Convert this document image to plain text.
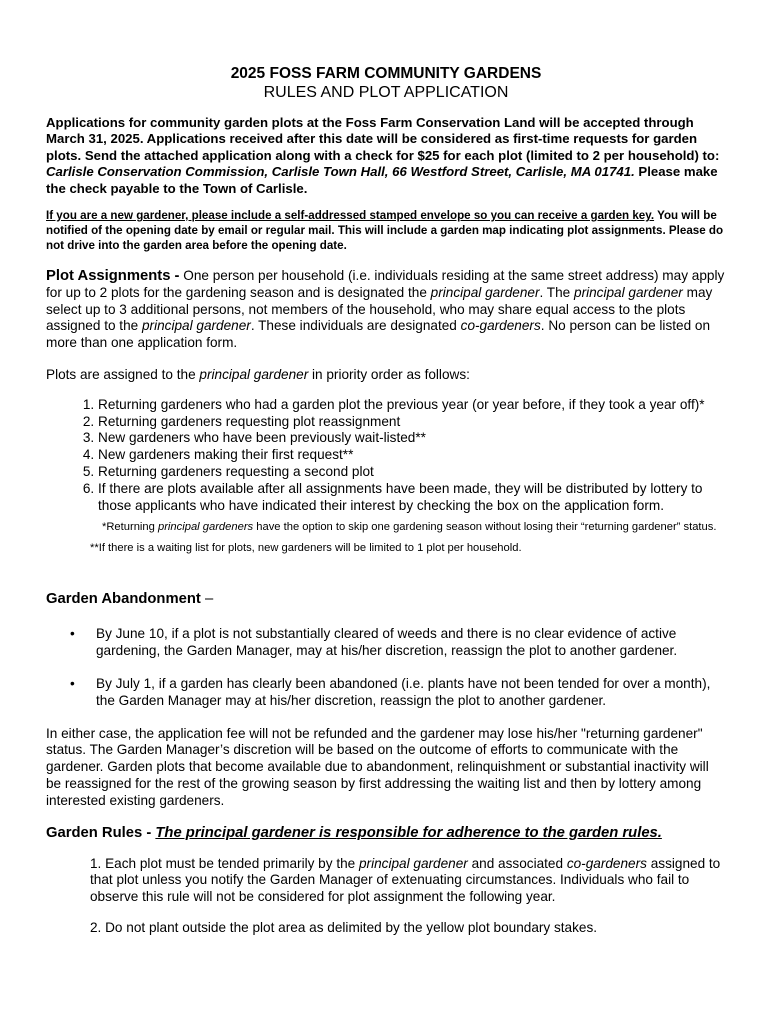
2025 FOSS FARM COMMUNITY GARDENS

RULES AND PLOT APPLICATION

Applications for community garden plots at the Foss Farm Conservation Land will be accepted through March 31, 2025. Applications received after this date will be considered as first-time requests for garden plots. Send the attached application along with a check for $25 for each plot (limited to 2 per household) to: Carlisle Conservation Commission, Carlisle Town Hall, 66 Westford Street, Carlisle, MA 01741. Please make the check payable to the Town of Carlisle.

If you are a new gardener, please include a self-addressed stamped envelope so you can receive a garden key. You will be notified of the opening date by email or regular mail. This will include a garden map indicating plot assignments. Please do not drive into the garden area before the opening date.

Plot Assignments - One person per household (i.e. individuals residing at the same street address) may apply for up to 2 plots for the gardening season and is designated the principal gardener. The principal gardener may select up to 3 additional persons, not members of the household, who may share equal access to the plots assigned to the principal gardener. These individuals are designated co-gardeners. No person can be listed on more than one application form.

Plots are assigned to the principal gardener in priority order as follows:

1. Returning gardeners who had a garden plot the previous year (or year before, if they took a year off)*
2. Returning gardeners requesting plot reassignment
3. New gardeners who have been previously wait-listed**
4. New gardeners making their first request**
5. Returning gardeners requesting a second plot
6. If there are plots available after all assignments have been made, they will be distributed by lottery to those applicants who have indicated their interest by checking the box on the application form.

*Returning principal gardeners have the option to skip one gardening season without losing their “returning gardener” status.

**If there is a waiting list for plots, new gardeners will be limited to 1 plot per household.

Garden Abandonment –

• By June 10, if a plot is not substantially cleared of weeds and there is no clear evidence of active gardening, the Garden Manager, may at his/her discretion, reassign the plot to another gardener.
• By July 1, if a garden has clearly been abandoned (i.e. plants have not been tended for over a month), the Garden Manager may at his/her discretion, reassign the plot to another gardener.

In either case, the application fee will not be refunded and the gardener may lose his/her "returning gardener" status. The Garden Manager’s discretion will be based on the outcome of efforts to communicate with the gardener. Garden plots that become available due to abandonment, relinquishment or substantial inactivity will be reassigned for the rest of the growing season by first addressing the waiting list and then by lottery among interested existing gardeners.

Garden Rules - The principal gardener is responsible for adherence to the garden rules.

1. Each plot must be tended primarily by the principal gardener and associated co-gardeners assigned to that plot unless you notify the Garden Manager of extenuating circumstances. Individuals who fail to observe this rule will not be considered for plot assignment the following year.

2. Do not plant outside the plot area as delimited by the yellow plot boundary stakes.
